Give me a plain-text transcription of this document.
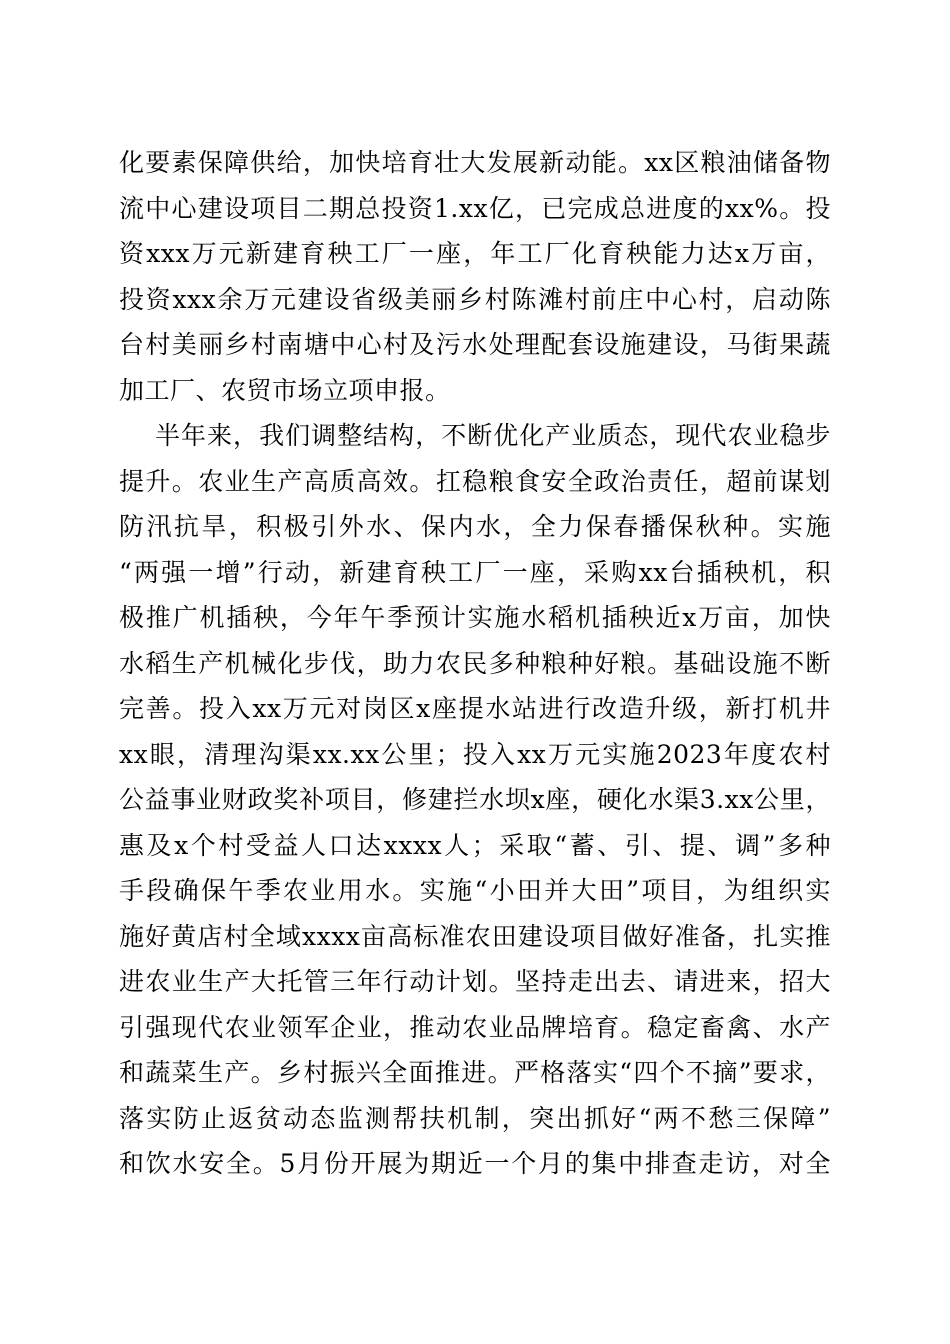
化要素保障供给，加快培育壮大发展新动能。xx区粮油储备物
流中心建设项目二期总投资1.xx亿，已完成总进度的xx%。投
资xxx万元新建育秧工厂一座，年工厂化育秧能力达x万亩，
投资xxx余万元建设省级美丽乡村陈滩村前庄中心村，启动陈
台村美丽乡村南塘中心村及污水处理配套设施建设，马街果蔬
加工厂、农贸市场立项申报。
半年来，我们调整结构，不断优化产业质态，现代农业稳步
提升。农业生产高质高效。扛稳粮食安全政治责任，超前谋划
防汛抗旱，积极引外水、保内水，全力保春播保秋种。实施
“两强一增”行动，新建育秧工厂一座，采购xx台插秧机，积
极推广机插秧，今年午季预计实施水稻机插秧近x万亩，加快
水稻生产机械化步伐，助力农民多种粮种好粮。基础设施不断
完善。投入xx万元对岗区x座提水站进行改造升级，新打机井
xx眼，清理沟渠xx.xx公里；投入xx万元实施2023年度农村
公益事业财政奖补项目，修建拦水坝x座，硬化水渠3.xx公里，
惠及x个村受益人口达xxxx人；采取“蓄、引、提、调”多种
手段确保午季农业用水。实施“小田并大田”项目，为组织实
施好黄店村全域xxxx亩高标准农田建设项目做好准备，扎实推
进农业生产大托管三年行动计划。坚持走出去、请进来，招大
引强现代农业领军企业，推动农业品牌培育。稳定畜禽、水产
和蔬菜生产。乡村振兴全面推进。严格落实“四个不摘”要求，
落实防止返贫动态监测帮扶机制，突出抓好“两不愁三保障”
和饮水安全。5月份开展为期近一个月的集中排查走访，对全
